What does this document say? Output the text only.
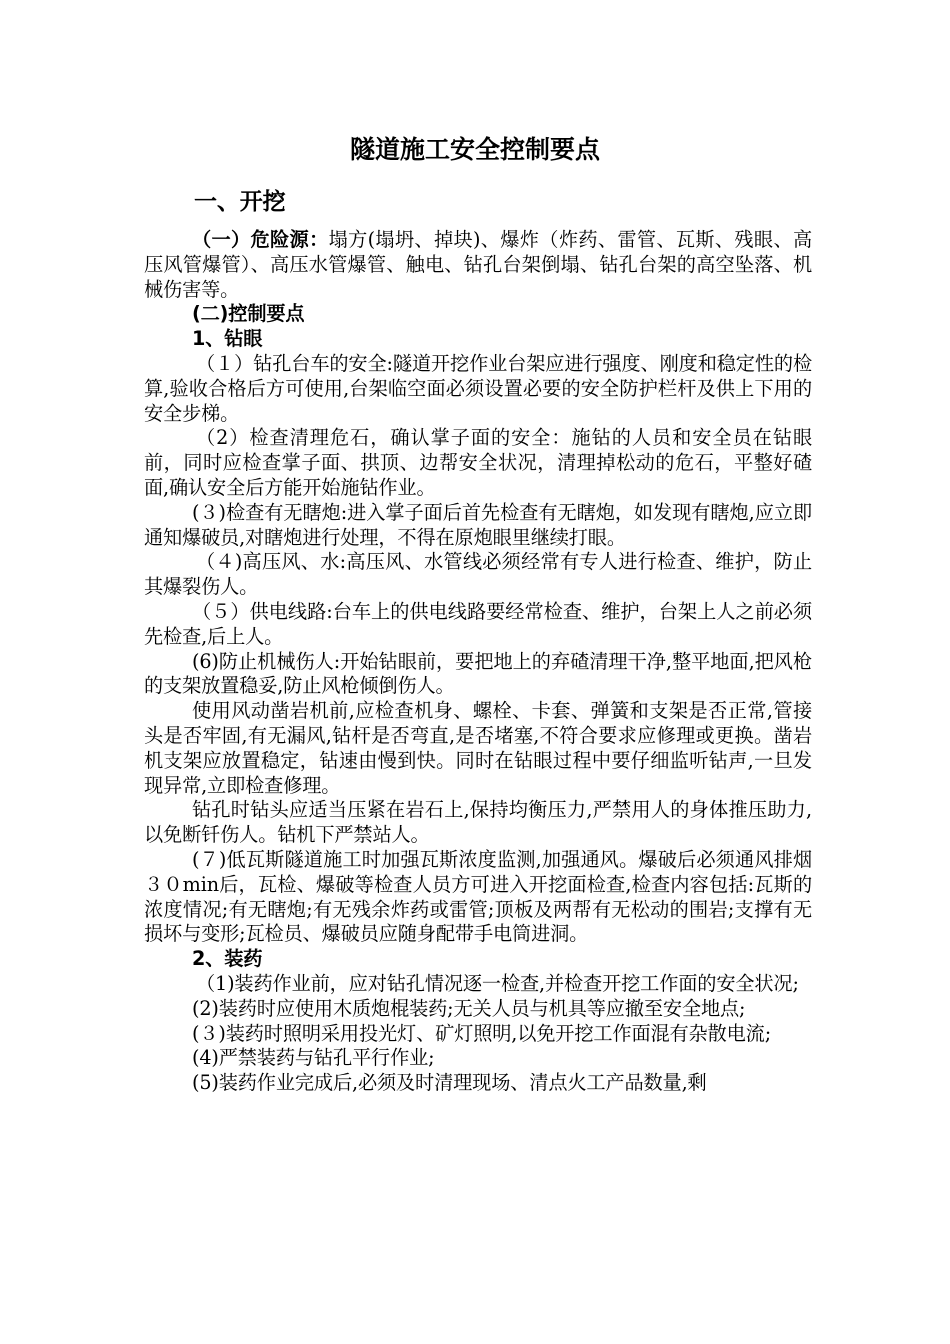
隧道施工安全控制要点
一、开挖

（一）危险源：塌方(塌坍、掉块)、爆炸（炸药、雷管、瓦斯、残眼、高压风管爆管）、高压水管爆管、触电、钻孔台架倒塌、钻孔台架的高空坠落、机械伤害等。

(二)控制要点

1、钻眼

（１）钻孔台车的安全:隧道开挖作业台架应进行强度、刚度和稳定性的检算,验收合格后方可使用,台架临空面必须设置必要的安全防护栏杆及供上下用的安全步梯。

（2）检查清理危石，确认掌子面的安全：施钻的人员和安全员在钻眼前，同时应检查掌子面、拱顶、边帮安全状况，清理掉松动的危石，平整好碴面,确认安全后方能开始施钻作业。

(３)检查有无瞎炮:进入掌子面后首先检查有无瞎炮，如发现有瞎炮,应立即通知爆破员,对瞎炮进行处理，不得在原炮眼里继续打眼。

（４)高压风、水:高压风、水管线必须经常有专人进行检查、维护，防止其爆裂伤人。

（５）供电线路:台车上的供电线路要经常检查、维护，台架上人之前必须先检查,后上人。

(6)防止机械伤人:开始钻眼前，要把地上的弃碴清理干净,整平地面,把风枪的支架放置稳妥,防止风枪倾倒伤人。

使用风动凿岩机前,应检查机身、螺栓、卡套、弹簧和支架是否正常,管接头是否牢固,有无漏风,钻杆是否弯直,是否堵塞,不符合要求应修理或更换。凿岩机支架应放置稳定，钻速由慢到快。同时在钻眼过程中要仔细监听钻声,一旦发现异常,立即检查修理。

钻孔时钻头应适当压紧在岩石上,保持均衡压力,严禁用人的身体推压助力,以免断钎伤人。钻机下严禁站人。

(７)低瓦斯隧道施工时加强瓦斯浓度监测,加强通风。爆破后必须通风排烟３０min后，瓦检、爆破等检查人员方可进入开挖面检查,检查内容包括:瓦斯的浓度情况;有无瞎炮;有无残余炸药或雷管;顶板及两帮有无松动的围岩;支撑有无损坏与变形;瓦检员、爆破员应随身配带手电筒进洞。

2、装药

（1)装药作业前，应对钻孔情况逐一检查,并检查开挖工作面的安全状况;

(2)装药时应使用木质炮棍装药;无关人员与机具等应撤至安全地点;

(３)装药时照明采用投光灯、矿灯照明,以免开挖工作面混有杂散电流;

(4)严禁装药与钻孔平行作业;

(5)装药作业完成后,必须及时清理现场、清点火工产品数量,剩
